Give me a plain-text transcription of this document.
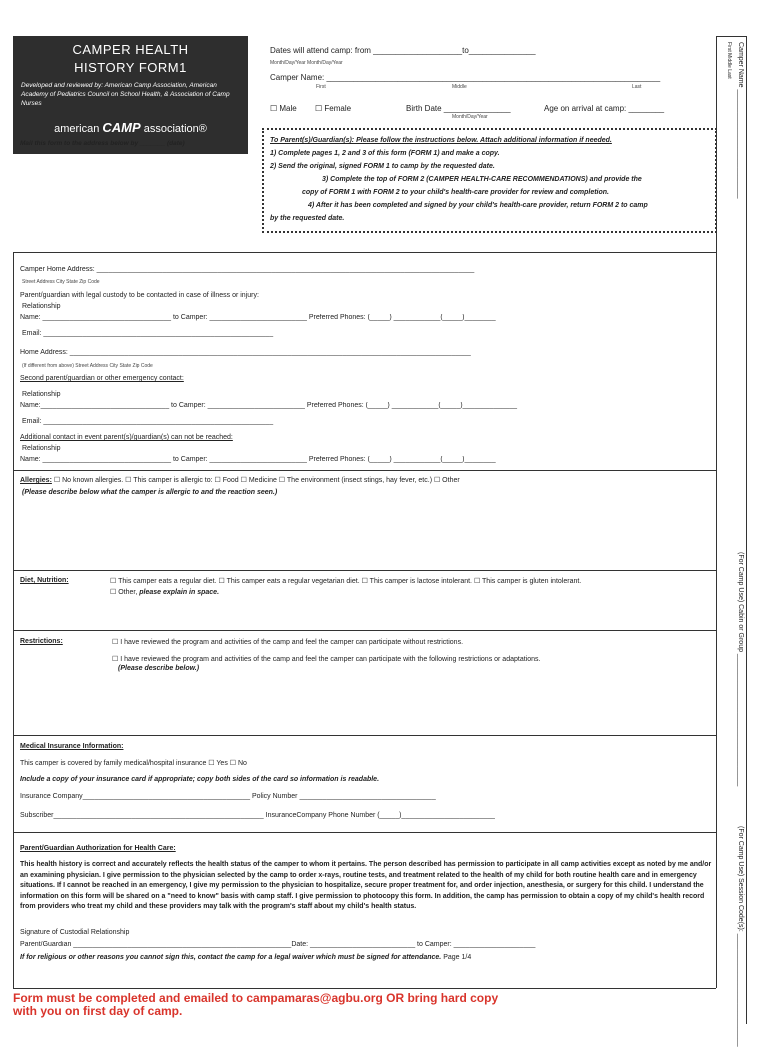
CAMPER HEALTH
HISTORY FORM1
Developed and reviewed by: American Camp Association, American Academy of Pediatrics Council on School Health, & Association of Camp Nurses
american CAMP association®
Mail this form to the address below by _______ (date)
Dates will attend camp: from ____________________to_______________
Month/Day/Year Month/Day/Year
Camper Name: ___________________________________________________________________________
First	Middle	Last
☐ Male ☐ Female	Birth Date _______________
Month/Day/Year
Age on arrival at camp: ________
To Parent(s)/Guardian(s): Please follow the instructions below. Attach additional information if needed.
1) Complete pages 1, 2 and 3 of this form (FORM 1) and make a copy.
2) Send the original, signed FORM 1 to camp by the requested date.
3) Complete the top of FORM 2 (CAMPER HEALTH-CARE RECOMMENDATIONS) and provide the
copy of FORM 1 with FORM 2 to your child's health-care provider for review and completion.
4) After it has been completed and signed by your child's health-care provider, return FORM 2 to camp
by the requested date.
Camper Name ____________________________
First Middle Last
(For Camp Use) Cabin or Group __________________________________
(For Camp Use) Session Code(s): _____________________________
Camper Home Address: _________________________________________________________________________________________________
Street Address City State Zip Code
Parent/guardian with legal custody to be contacted in case of illness or injury:
Relationship
Name: _________________________________ to Camper: _________________________ Preferred Phones: (_____) ____________(_____)________
Email: ___________________________________________________________
Home Address: _______________________________________________________________________________________________________
(If different from above) Street Address City State Zip Code
Second parent/guardian or other emergency contact:
Relationship
Name:_________________________________ to Camper: _________________________ Preferred Phones: (_____) ____________(_____)______________
Email: ___________________________________________________________
Additional contact in event parent(s)/guardian(s) can not be reached:
Relationship
Name: _________________________________ to Camper: _________________________ Preferred Phones: (_____) ____________(_____)________
Allergies: ☐ No known allergies. ☐ This camper is allergic to: ☐ Food ☐ Medicine ☐ The environment (insect stings, hay fever, etc.) ☐ Other
(Please describe below what the camper is allergic to and the reaction seen.)
Diet, Nutrition:	☐ This camper eats a regular diet. ☐ This camper eats a regular vegetarian diet. ☐ This camper is lactose intolerant. ☐ This camper is gluten intolerant.
☐ Other, please explain in space.
Restrictions:	☐ I have reviewed the program and activities of the camp and feel the camper can participate without restrictions.
☐ I have reviewed the program and activities of the camp and feel the camper can participate with the following restrictions or adaptations.
(Please describe below.)
Medical Insurance Information:
This camper is covered by family medical/hospital insurance ☐ Yes ☐ No
Include a copy of your insurance card if appropriate; copy both sides of the card so information is readable.
Insurance Company___________________________________________ Policy Number ___________________________________
Subscriber______________________________________________________ InsuranceCompany Phone Number (_____)________________________
Parent/Guardian Authorization for Health Care:
This health history is correct and accurately reflects the health status of the camper to whom it pertains. The person described has permission to participate in all camp activities except as noted by me and/or an examining physician. I give permission to the physician selected by the camp to order x-rays, routine tests, and treatment related to the health of my child for both routine health care and in emergency situations. If I cannot be reached in an emergency, I give my permission to the physician to hospitalize, secure proper treatment for, and order injection, anesthesia, or surgery for this child. I understand the information on this form will be shared on a "need to know" basis with camp staff. I give permission to photocopy this form. In addition, the camp has permission to obtain a copy of my child's health record from providers who treat my child and these providers may talk with the program's staff about my child's health status.
Signature of Custodial Relationship
Parent/Guardian ________________________________________________________Date: ___________________________ to Camper: _____________________
If for religious or other reasons you cannot sign this, contact the camp for a legal waiver which must be signed for attendance. Page 1/4
Form must be completed and emailed to campamaras@agbu.org OR bring hard copy
with you on first day of camp.
